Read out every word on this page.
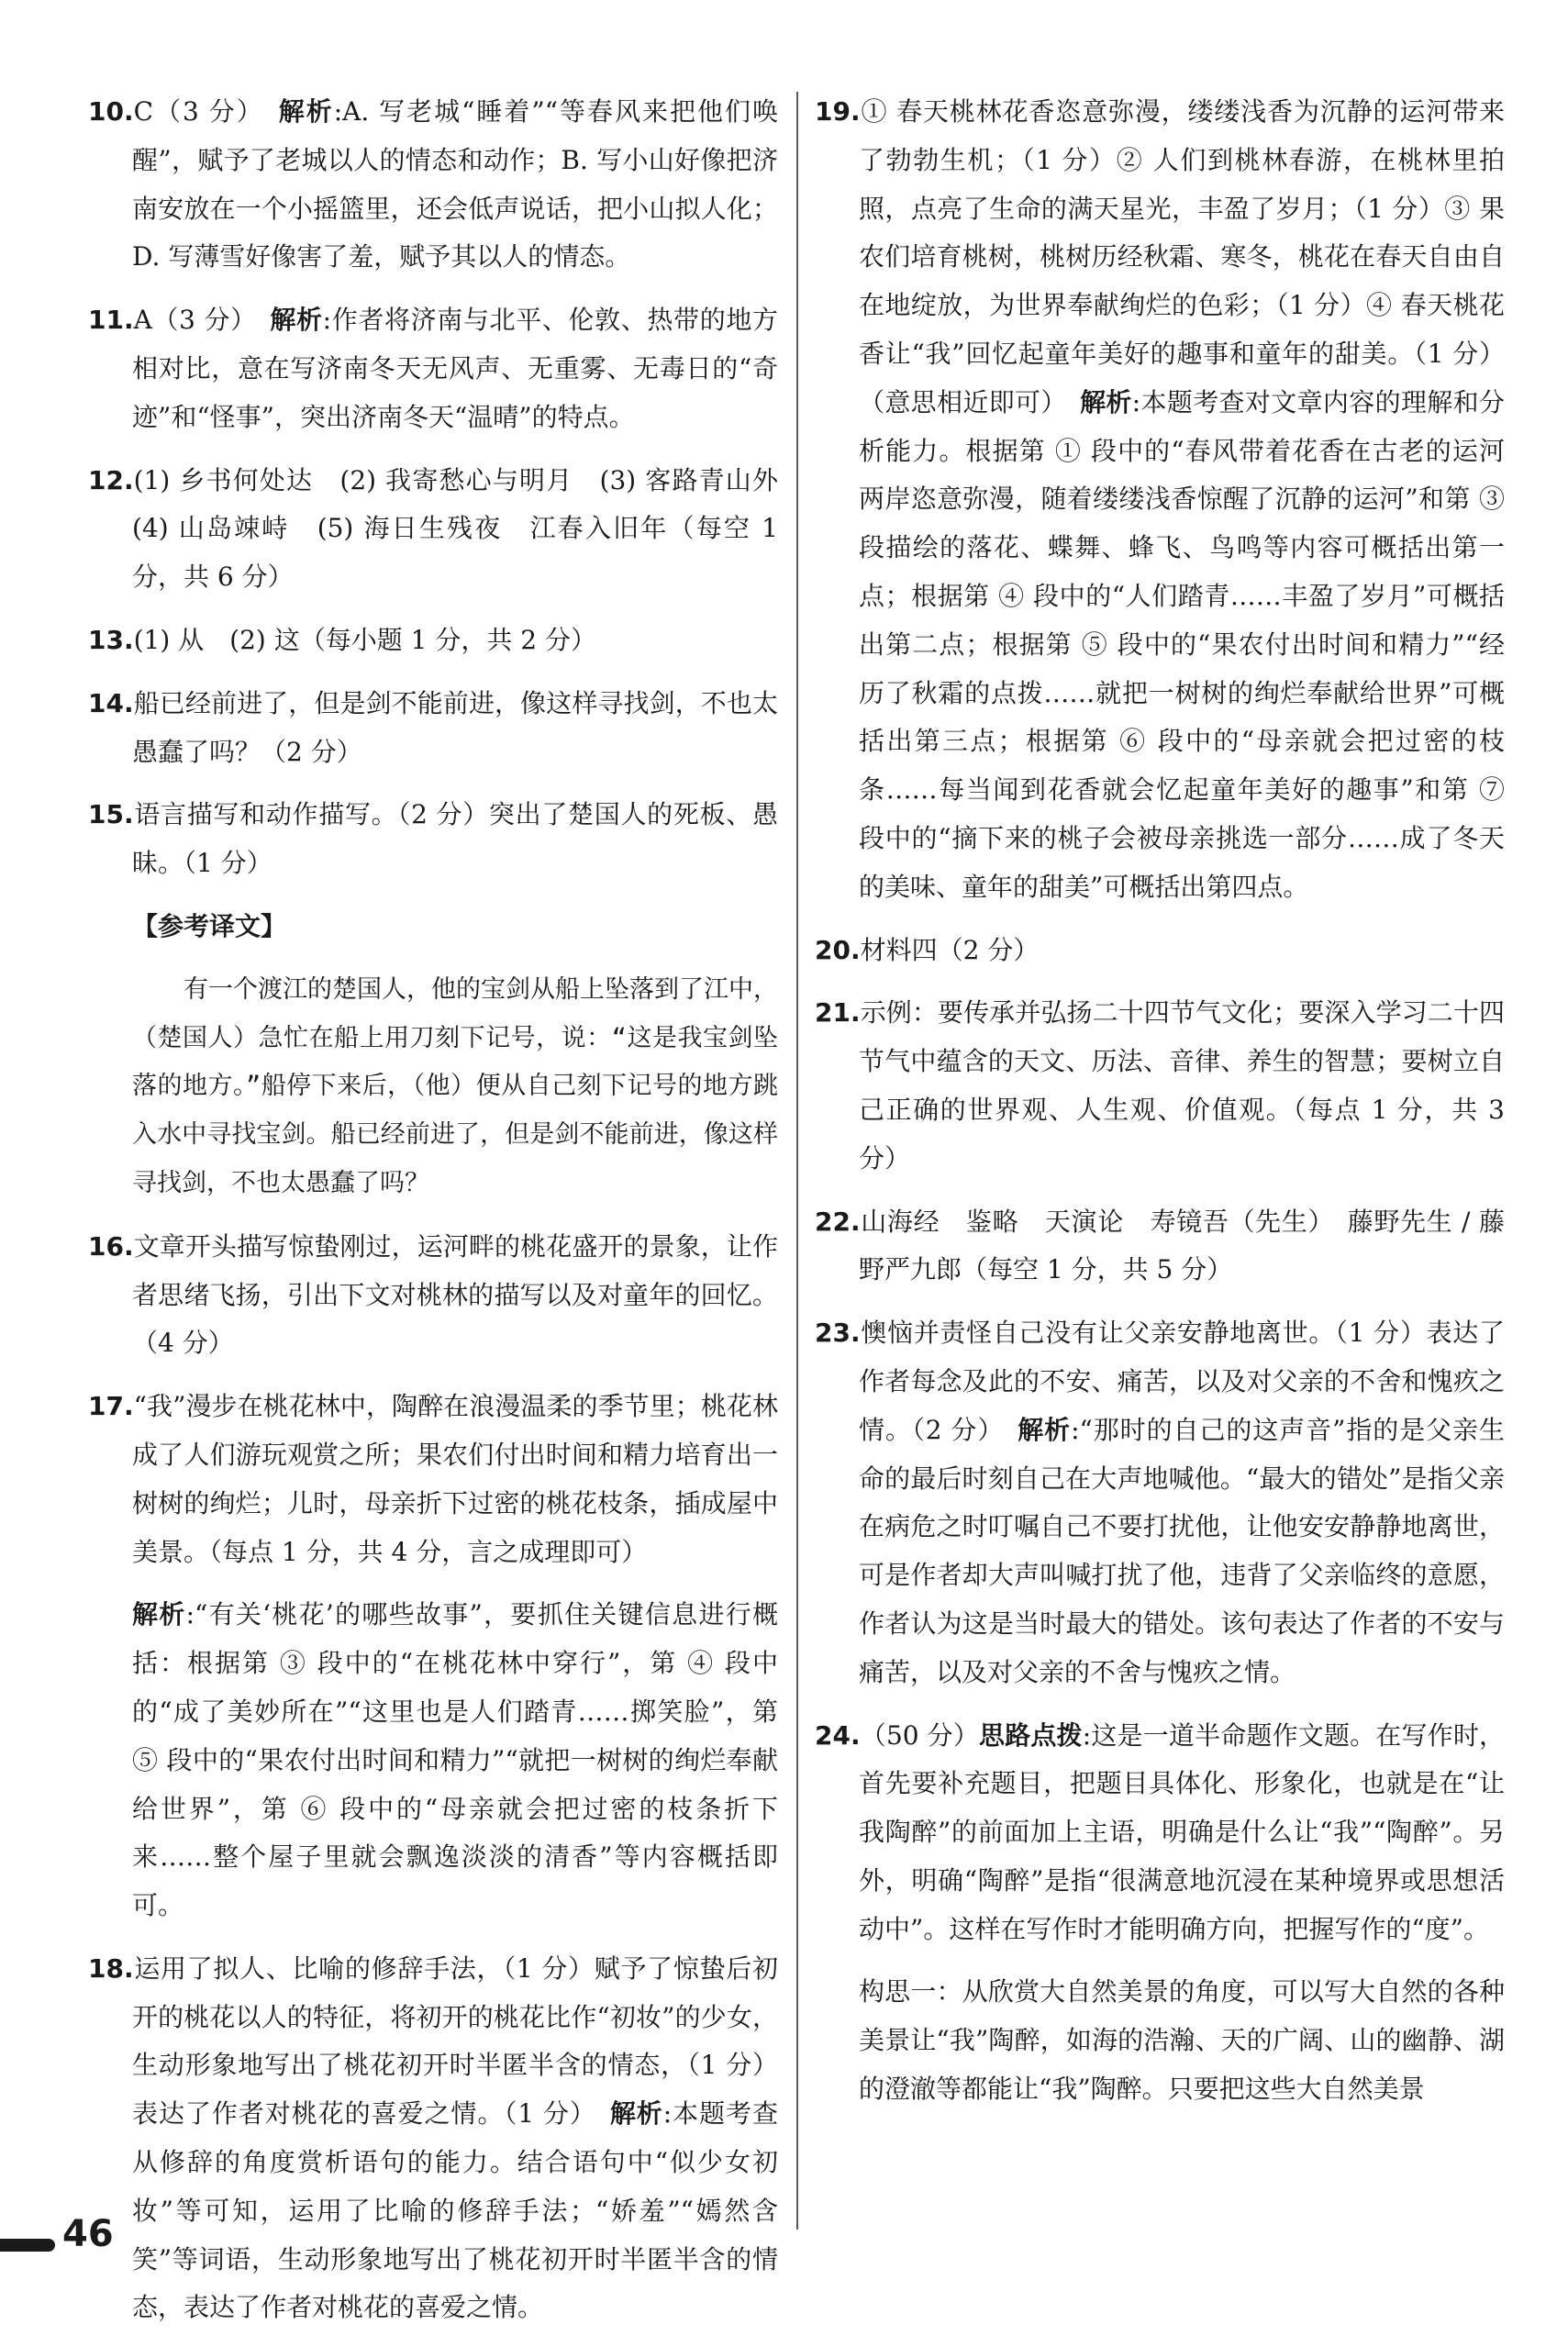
10.C（3 分）　 解析:A. 写老城“睡着”“等春风来把他们唤醒”，赋予了老城以人的情态和动作；B. 写小山好像把济南安放在一个小摇篮里，还会低声说话，把小山拟人化；D. 写薄雪好像害了羞，赋予其以人的情态。

11.A（3 分）　 解析:作者将济南与北平、伦敦、热带的地方相对比，意在写济南冬天无风声、无重雾、无毒日的“奇迹”和“怪事”，突出济南冬天“温晴”的特点。

12.(1) 乡书何处达　(2) 我寄愁心与明月　(3) 客路青山外　(4) 山岛竦峙　(5) 海日生残夜　江春入旧年（每空 1 分，共 6 分）

13.(1) 从　(2) 这（每小题 1 分，共 2 分）

14.船已经前进了，但是剑不能前进，像这样寻找剑，不也太愚蠢了吗？（2 分）

15.语言描写和动作描写。（2 分）突出了楚国人的死板、愚昧。（1 分）

【参考译文】

有一个渡江的楚国人，他的宝剑从船上坠落到了江中，（楚国人）急忙在船上用刀刻下记号，说：“这是我宝剑坠落的地方。”船停下来后，（他）便从自己刻下记号的地方跳入水中寻找宝剑。船已经前进了，但是剑不能前进，像这样寻找剑，不也太愚蠢了吗？

16.文章开头描写惊蛰刚过，运河畔的桃花盛开的景象，让作者思绪飞扬，引出下文对桃林的描写以及对童年的回忆。（4 分）

17.“我”漫步在桃花林中，陶醉在浪漫温柔的季节里；桃花林成了人们游玩观赏之所；果农们付出时间和精力培育出一树树的绚烂；儿时，母亲折下过密的桃花枝条，插成屋中美景。（每点 1 分，共 4 分，言之成理即可）

解析:“有关‘桃花’的哪些故事”，要抓住关键信息进行概括：根据第 ③ 段中的“在桃花林中穿行”，第 ④ 段中的“成了美妙所在”“这里也是人们踏青……掷笑脸”，第 ⑤ 段中的“果农付出时间和精力”“就把一树树的绚烂奉献给世界”，第 ⑥ 段中的“母亲就会把过密的枝条折下来……整个屋子里就会飘逸淡淡的清香”等内容概括即可。

18.运用了拟人、比喻的修辞手法，（1 分）赋予了惊蛰后初开的桃花以人的特征，将初开的桃花比作“初妆”的少女，生动形象地写出了桃花初开时半匿半含的情态，（1 分）表达了作者对桃花的喜爱之情。（1 分）　 解析:本题考查从修辞的角度赏析语句的能力。结合语句中“似少女初妆”等可知，运用了比喻的修辞手法；“娇羞”“嫣然含笑”等词语，生动形象地写出了桃花初开时半匿半含的情态，表达了作者对桃花的喜爱之情。

19.① 春天桃林花香恣意弥漫，缕缕浅香为沉静的运河带来了勃勃生机；（1 分）② 人们到桃林春游，在桃林里拍照，点亮了生命的满天星光，丰盈了岁月；（1 分）③ 果农们培育桃树，桃树历经秋霜、寒冬，桃花在春天自由自在地绽放，为世界奉献绚烂的色彩；（1 分）④ 春天桃花香让“我”回忆起童年美好的趣事和童年的甜美。（1 分）（意思相近即可）　 解析:本题考查对文章内容的理解和分析能力。根据第 ① 段中的“春风带着花香在古老的运河两岸恣意弥漫，随着缕缕浅香惊醒了沉静的运河”和第 ③ 段描绘的落花、蝶舞、蜂飞、鸟鸣等内容可概括出第一点；根据第 ④ 段中的“人们踏青……丰盈了岁月”可概括出第二点；根据第 ⑤ 段中的“果农付出时间和精力”“经历了秋霜的点拨……就把一树树的绚烂奉献给世界”可概括出第三点；根据第 ⑥ 段中的“母亲就会把过密的枝条……每当闻到花香就会忆起童年美好的趣事”和第 ⑦ 段中的“摘下来的桃子会被母亲挑选一部分……成了冬天的美味、童年的甜美”可概括出第四点。

20.材料四（2 分）

21.示例：要传承并弘扬二十四节气文化；要深入学习二十四节气中蕴含的天文、历法、音律、养生的智慧；要树立自己正确的世界观、人生观、价值观。（每点 1 分，共 3 分）

22.山海经　鉴略　天演论　寿镜吾（先生）　藤野先生 / 藤野严九郎（每空 1 分，共 5 分）

23.懊恼并责怪自己没有让父亲安静地离世。（1 分）表达了作者每念及此的不安、痛苦，以及对父亲的不舍和愧疚之情。（2 分）　 解析:“那时的自己的这声音”指的是父亲生命的最后时刻自己在大声地喊他。“最大的错处”是指父亲在病危之时叮嘱自己不要打扰他，让他安安静静地离世，可是作者却大声叫喊打扰了他，违背了父亲临终的意愿，作者认为这是当时最大的错处。该句表达了作者的不安与痛苦，以及对父亲的不舍与愧疚之情。

24.（50 分）思路点拨:这是一道半命题作文题。在写作时，首先要补充题目，把题目具体化、形象化，也就是在“让我陶醉”的前面加上主语，明确是什么让“我”“陶醉”。另外，明确“陶醉”是指“很满意地沉浸在某种境界或思想活动中”。这样在写作时才能明确方向，把握写作的“度”。

构思一：从欣赏大自然美景的角度，可以写大自然的各种美景让“我”陶醉，如海的浩瀚、天的广阔、山的幽静、湖的澄澈等都能让“我”陶醉。只要把这些大自然美景

46
